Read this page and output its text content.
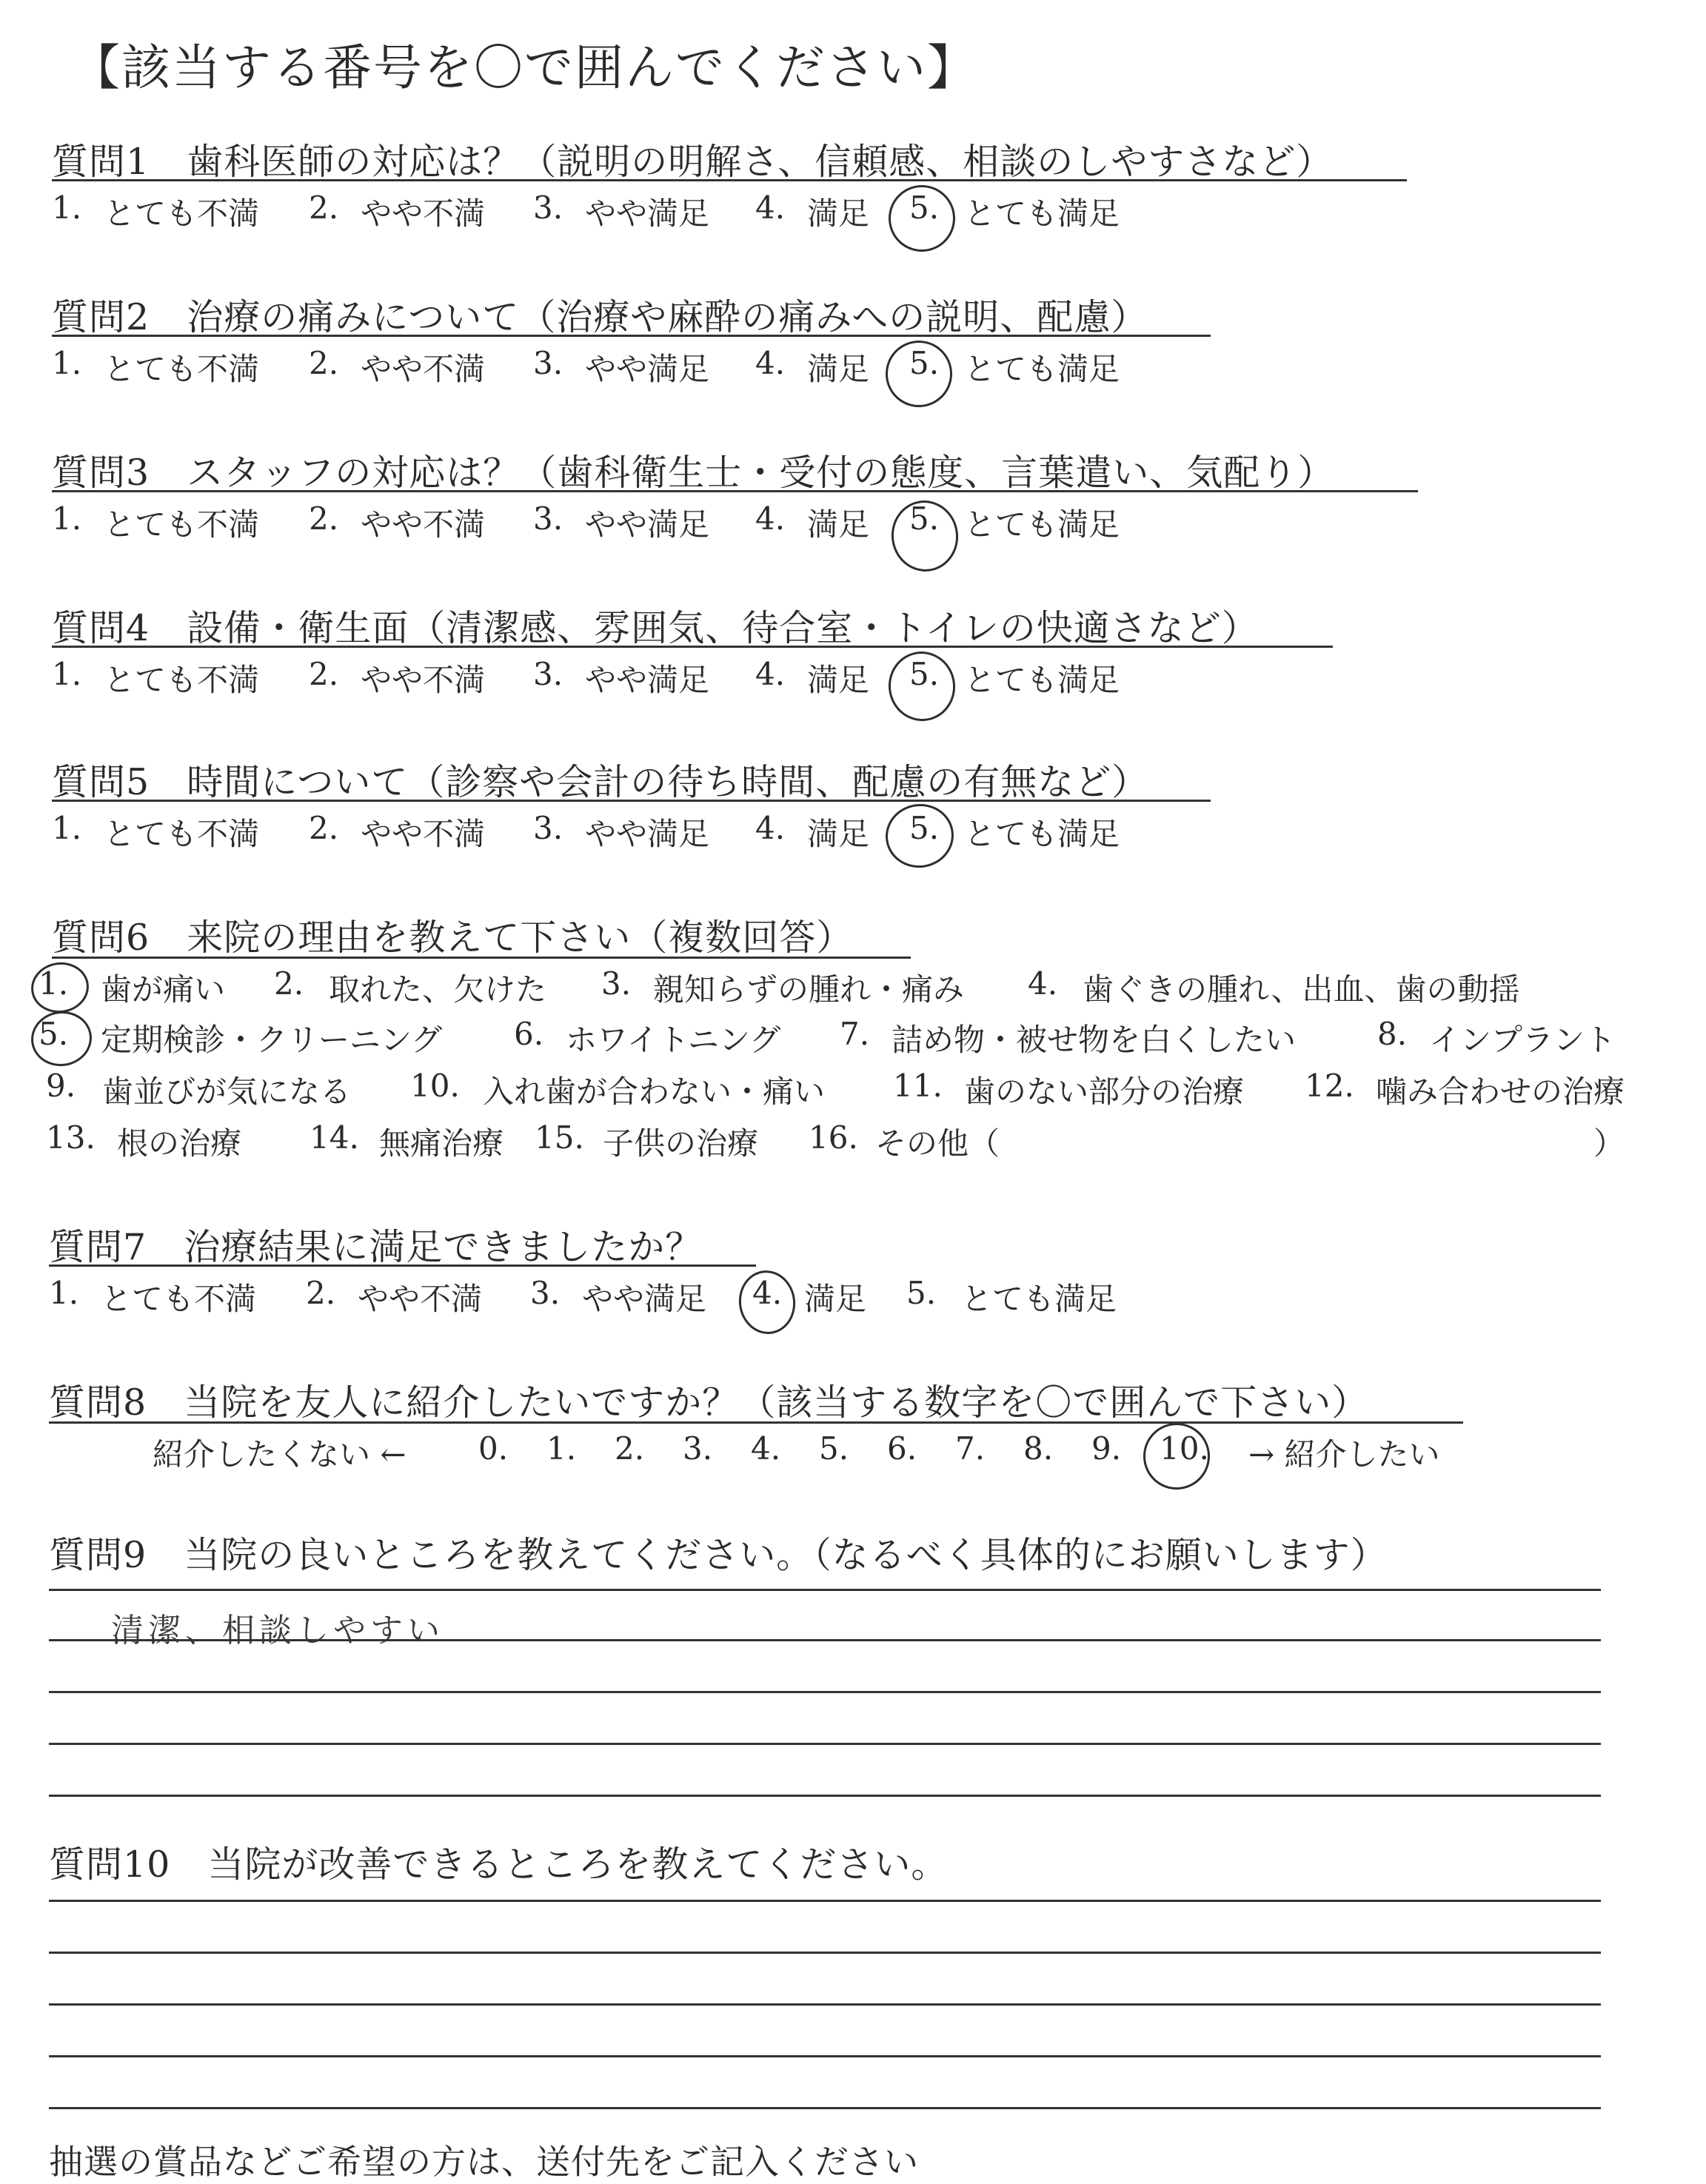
【該当する番号を〇で囲んでください】
質問1　 歯科医師の対応は？（説明の明解さ、信頼感、相談のしやすさなど）
1. とても不満 2. やや不満 3. やや満足 4. 満足 5. とても満足
質問2　 治療の痛みについて（治療や麻酔の痛みへの説明、配慮）
1. とても不満 2. やや不満 3. やや満足 4. 満足 5. とても満足
質問3　 スタッフの対応は？（歯科衛生士・受付の態度、言葉遣い、気配り）
1. とても不満 2. やや不満 3. やや満足 4. 満足 5. とても満足
質問4　 設備・衛生面（清潔感、雰囲気、待合室・トイレの快適さなど）
1. とても不満 2. やや不満 3. やや満足 4. 満足 5. とても満足
質問5　 時間について（診察や会計の待ち時間、配慮の有無など）
1. とても不満 2. やや不満 3. やや満足 4. 満足 5. とても満足
質問6　 来院の理由を教えて下さい（複数回答）
1. 歯が痛い 2. 取れた、欠けた 3. 親知らずの腫れ・痛み 4. 歯ぐきの腫れ、出血、歯の動揺
5. 定期検診・クリーニング 6. ホワイトニング 7. 詰め物・被せ物を白くしたい	8. インプラント
9. 歯並びが気になる 10. 入れ歯が合わない・痛い 11. 歯のない部分の治療 12. 噛み合わせの治療
13. 根の治療 14. 無痛治療 15. 子供の治療 16. その他（	）
質問7　 治療結果に満足できましたか？
1. とても不満 2. やや不満 3. やや満足 4. 満足 5. とても満足
質問8　 当院を友人に紹介したいですか？（該当する数字を〇で囲んで下さい）
紹介したくない ← 0. 1. 2. 3. 4. 5. 6. 7. 8. 9. 10. → 紹介したい
質問9　 当院の良いところを教えてください。（なるべく具体的にお願いします）
清潔、相談しやすい
質問10　 当院が改善できるところを教えてください。
抽選の賞品などご希望の方は、送付先をご記入ください
